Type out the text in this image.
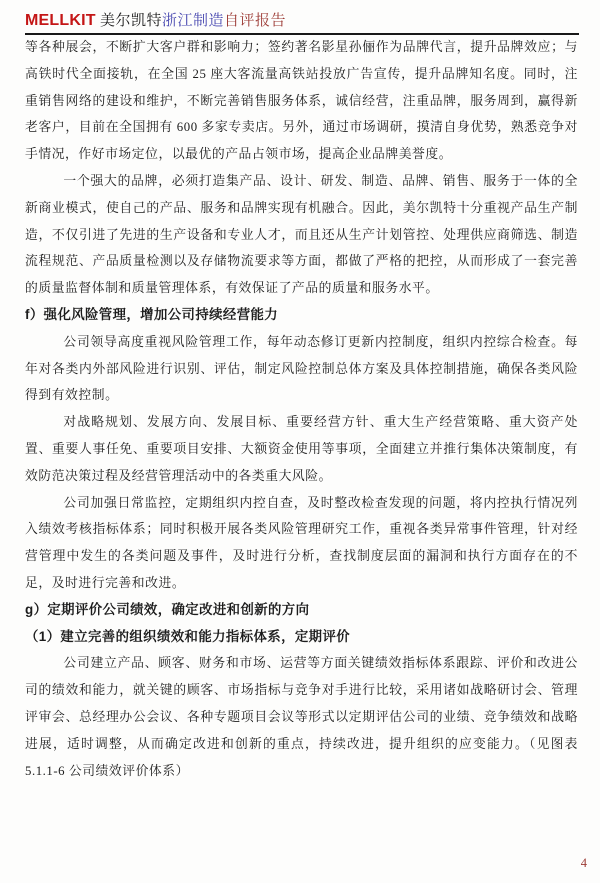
MELLKIT 美尔凯特浙江制造自评报告

等各种展会，不断扩大客户群和影响力；签约著名影星孙俪作为品牌代言，提升品牌效应；与高铁时代全面接轨，在全国 25 座大客流量高铁站投放广告宣传，提升品牌知名度。同时，注重销售网络的建设和维护，不断完善销售服务体系，诚信经营，注重品牌，服务周到，赢得新老客户，目前在全国拥有 600 多家专卖店。另外，通过市场调研，摸清自身优势，熟悉竞争对手情况，作好市场定位，以最优的产品占领市场，提高企业品牌美誉度。

一个强大的品牌，必须打造集产品、设计、研发、制造、品牌、销售、服务于一体的全新商业模式，使自己的产品、服务和品牌实现有机融合。因此，美尔凯特十分重视产品生产制造，不仅引进了先进的生产设备和专业人才，而且还从生产计划管控、处理供应商筛选、制造流程规范、产品质量检测以及存储物流要求等方面，都做了严格的把控，从而形成了一套完善的质量监督体制和质量管理体系，有效保证了产品的质量和服务水平。

f）强化风险管理，增加公司持续经营能力

公司领导高度重视风险管理工作，每年动态修订更新内控制度，组织内控综合检查。每年对各类内外部风险进行识别、评估，制定风险控制总体方案及具体控制措施，确保各类风险得到有效控制。

对战略规划、发展方向、发展目标、重要经营方针、重大生产经营策略、重大资产处置、重要人事任免、重要项目安排、大额资金使用等事项，全面建立并推行集体决策制度，有效防范决策过程及经营管理活动中的各类重大风险。

公司加强日常监控，定期组织内控自查，及时整改检查发现的问题，将内控执行情况列入绩效考核指标体系；同时积极开展各类风险管理研究工作，重视各类异常事件管理，针对经营管理中发生的各类问题及事件，及时进行分析，查找制度层面的漏洞和执行方面存在的不足，及时进行完善和改进。

g）定期评价公司绩效，确定改进和创新的方向

（1）建立完善的组织绩效和能力指标体系，定期评价

公司建立产品、顾客、财务和市场、运营等方面关键绩效指标体系跟踪、评价和改进公司的绩效和能力，就关键的顾客、市场指标与竞争对手进行比较，采用诸如战略研讨会、管理评审会、总经理办公会议、各种专题项目会议等形式以定期评估公司的业绩、竞争绩效和战略进展，适时调整，从而确定改进和创新的重点，持续改进，提升组织的应变能力。（见图表 5.1.1-6 公司绩效评价体系）

4
